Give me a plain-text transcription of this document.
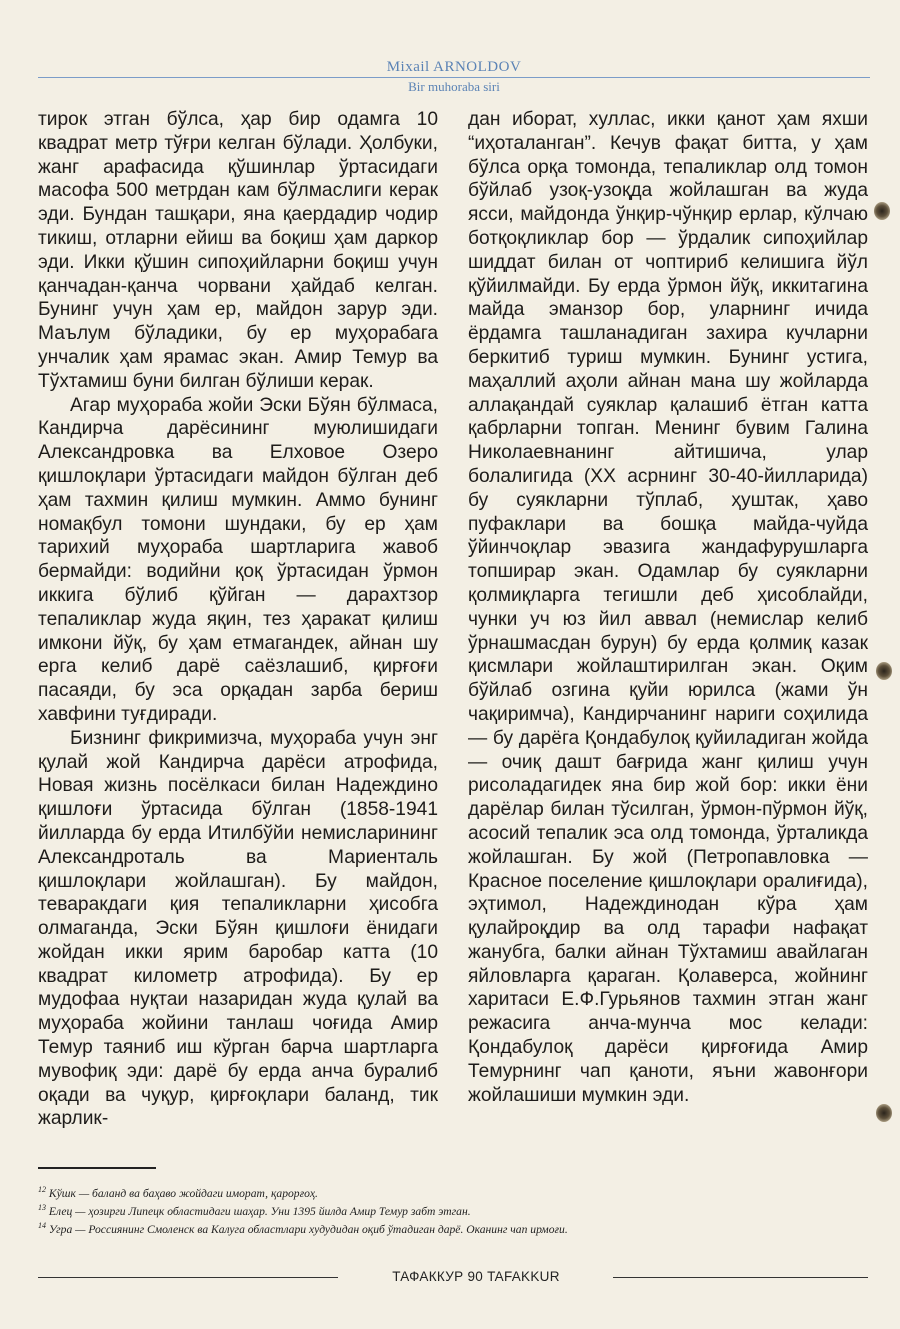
Mixail ARNOLDOV
Bir muhoraba siri

тирок этган бўлса, ҳар бир одамга 10 квадрат метр тўғри келган бўлади. Ҳолбуки, жанг арафасида қўшинлар ўртасидаги масофа 500 метрдан кам бўлмаслиги керак эди. Бундан ташқари, яна қаердадир чодир тикиш, отларни ейиш ва боқиш ҳам даркор эди. Икки қўшин сипоҳийларни боқиш учун қанчадан-қанча чорвани ҳайдаб келган. Бунинг учун ҳам ер, майдон зарур эди. Маълум бўладики, бу ер муҳорабага унчалик ҳам ярамас экан. Амир Темур ва Тўхтамиш буни билган бўлиши керак.

Агар муҳораба жойи Эски Бўян бўлмаса, Кандирча дарёсининг муюлишидаги Александровка ва Елховое Озеро қишлоқлари ўртасидаги майдон бўлган деб ҳам тахмин қилиш мумкин. Аммо бунинг номақбул томони шундаки, бу ер ҳам тарихий муҳораба шартларига жавоб бермайди: водийни қоқ ўртасидан ўрмон иккига бўлиб қўйган — дарахтзор тепаликлар жуда яқин, тез ҳаракат қилиш имкони йўқ, бу ҳам етмагандек, айнан шу ерга келиб дарё саёзлашиб, қирғоғи пасаяди, бу эса орқадан зарба бериш хавфини туғдиради.

Бизнинг фикримизча, муҳораба учун энг қулай жой Кандирча дарёси атрофида, Новая жизнь посёлкаси билан Надеждино қишлоғи ўртасида бўлган (1858-1941 йилларда бу ерда Итилбўйи немисларининг Александроталь ва Мариенталь қишлоқлари жойлашган). Бу майдон, теваракдаги қия тепаликларни ҳисобга олмаганда, Эски Бўян қишлоғи ёнидаги жойдан икки ярим баробар катта (10 квадрат километр атрофида). Бу ер мудофаа нуқтаи назаридан жуда қулай ва муҳораба жойини танлаш чоғида Амир Темур таяниб иш кўрган барча шартларга мувофиқ эди: дарё бу ерда анча буралиб оқади ва чуқур, қирғоқлари баланд, тик жарлик-

дан иборат, хуллас, икки қанот ҳам яхши “иҳоталанган”. Кечув фақат битта, у ҳам бўлса орқа томонда, тепаликлар олд томон бўйлаб узоқ-узоқда жойлашган ва жуда ясси, майдонда ўнқир-чўнқир ерлар, кўлчаю ботқоқликлар бор — ўрдалик сипоҳийлар шиддат билан от чоптириб келишига йўл қўйилмайди. Бу ерда ўрмон йўқ, иккитагина майда эманзор бор, уларнинг ичида ёрдамга ташланадиган захира кучларни беркитиб туриш мумкин. Бунинг устига, маҳаллий аҳоли айнан мана шу жойларда аллақандай суяклар қалашиб ётган катта қабрларни топган. Менинг бувим Галина Николаевнанинг айтишича, улар болалигида (XX асрнинг 30-40-йилларида) бу суякларни тўплаб, ҳуштак, ҳаво пуфаклари ва бошқа майда-чуйда ўйинчоқлар эвазига жандафурушларга топширар экан. Одамлар бу суякларни қолмиқларга тегишли деб ҳисоблайди, чунки уч юз йил аввал (немислар келиб ўрнашмасдан бурун) бу ерда қолмиқ казак қисмлари жойлаштирилган экан. Оқим бўйлаб озгина қуйи юрилса (жами ўн чақиримча), Кандирчанинг нариги соҳилида — бу дарёга Қондабулоқ қуйиладиган жойда — очиқ дашт бағрида жанг қилиш учун рисоладагидек яна бир жой бор: икки ёни дарёлар билан тўсилган, ўрмон-пўрмон йўқ, асосий тепалик эса олд томонда, ўрталикда жойлашган. Бу жой (Петропавловка — Красное поселение қишлоқлари оралиғида), эҳтимол, Надеждинодан кўра ҳам қулайроқдир ва олд тарафи нафақат жанубга, балки айнан Тўхтамиш авайлаган яйловларга қараган. Қолаверса, жойнинг харитаси Е.Ф.Гурьянов тахмин этган жанг режасига анча-мунча мос келади: Қондабулоқ дарёси қирғоғида Амир Темурнинг чап қаноти, яъни жавонғори жойлашиши мумкин эди.

$^{12}$ Кўшк — баланд ва баҳаво жойдаги иморат, қарорғоҳ.
$^{13}$ Елец — ҳозирги Липецк областидаги шаҳар. Уни 1395 йилда Амир Темур забт этган.
$^{14}$ Угра — Россиянинг Смоленск ва Калуга областлари худудидан оқиб ўтадиган дарё. Оканинг чап ирмоғи.
ТАФАККУР 90 TAFAKKUR
